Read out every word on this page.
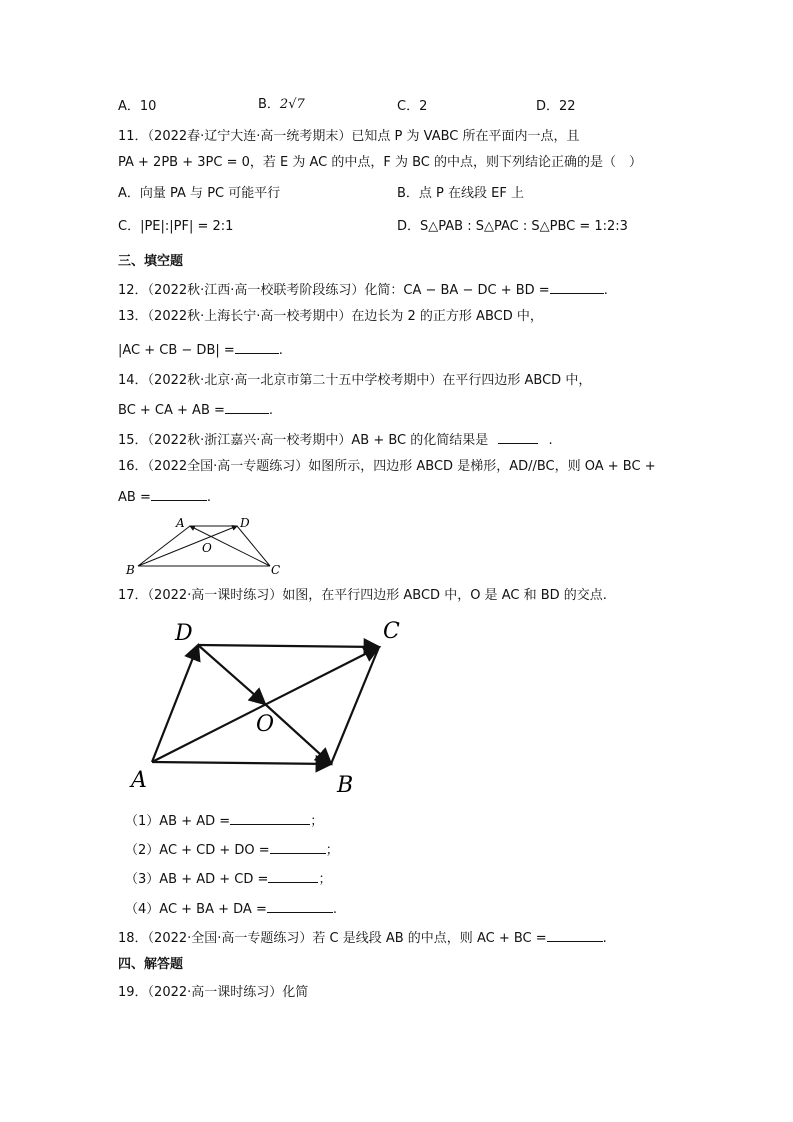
A．10	B．2√7	C．2	D．22
11．（2022春·辽宁大连·高一统考期末）已知点 P 为 VABC 所在平面内一点，且
PA + 2PB + 3PC = 0，若 E 为 AC 的中点，F 为 BC 的中点，则下列结论正确的是（　）
A．向量 PA 与 PC 可能平行	B．点 P 在线段 EF 上
C．|PE|:|PF| = 2:1	D．S△PAB : S△PAC : S△PBC = 1:2:3
三、填空题
12．（2022秋·江西·高一校联考阶段练习）化简：CA − BA − DC + BD =	.
13．（2022秋·上海长宁·高一校考期中）在边长为 2 的正方形 ABCD 中，
|AC + CB − DB| =	.
14．（2022秋·北京·高一北京市第二十五中学校考期中）在平行四边形 ABCD 中，
BC + CA + AB =	.
15．（2022秋·浙江嘉兴·高一校考期中）AB + BC 的化简结果是	.
16．（2022全国·高一专题练习）如图所示，四边形 ABCD 是梯形，AD//BC，则 OA + BC +
AB =	.
A	D
O
B	C
17．（2022·高一课时练习）如图，在平行四边形 ABCD 中，O 是 AC 和 BD 的交点.
D	C
O
A	B
（1）AB + AD =	；
（2）AC + CD + DO =	；
（3）AB + AD + CD =	；
（4）AC + BA + DA =	.
18．（2022·全国·高一专题练习）若 C 是线段 AB 的中点，则 AC + BC =	.
四、解答题
19．（2022·高一课时练习）化简
